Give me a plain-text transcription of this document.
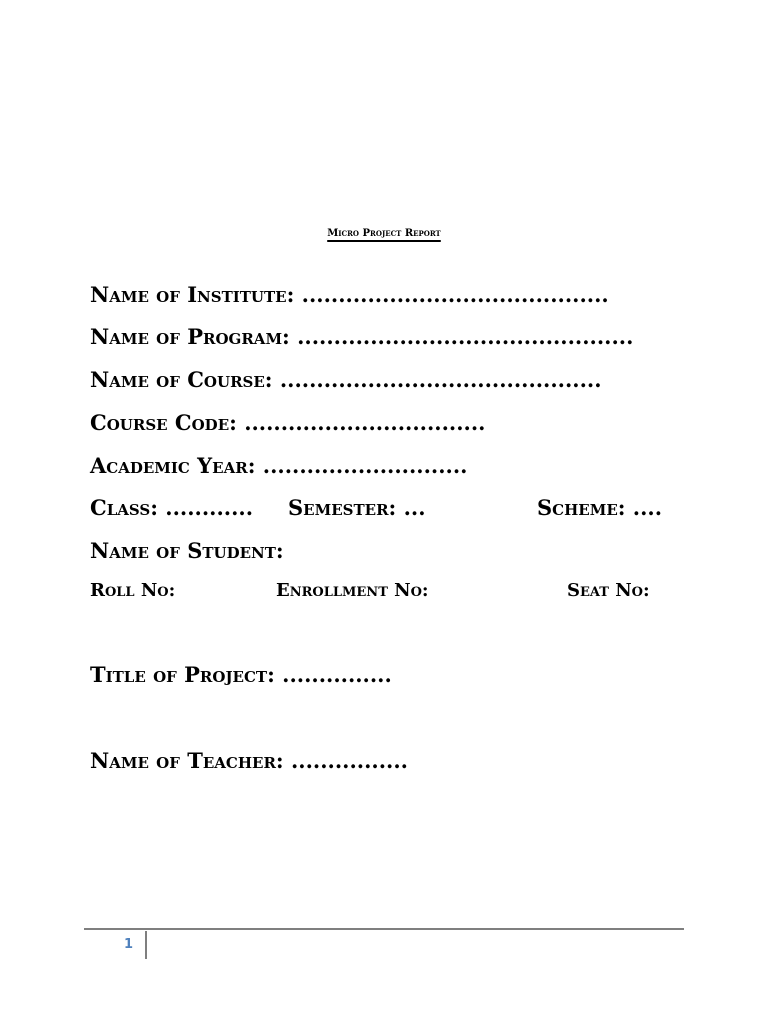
Micro Project Report
Name of Institute: ..........................................
Name of Program: ..............................................
Name of Course: ............................................
Course Code: .................................
Academic Year: ............................
Class: ............ Semester: ...	Scheme: ....
Name of Student:
Roll No:	Enrollment No:	Seat No:
Title of Project: ...............
Name of Teacher: ................
1
